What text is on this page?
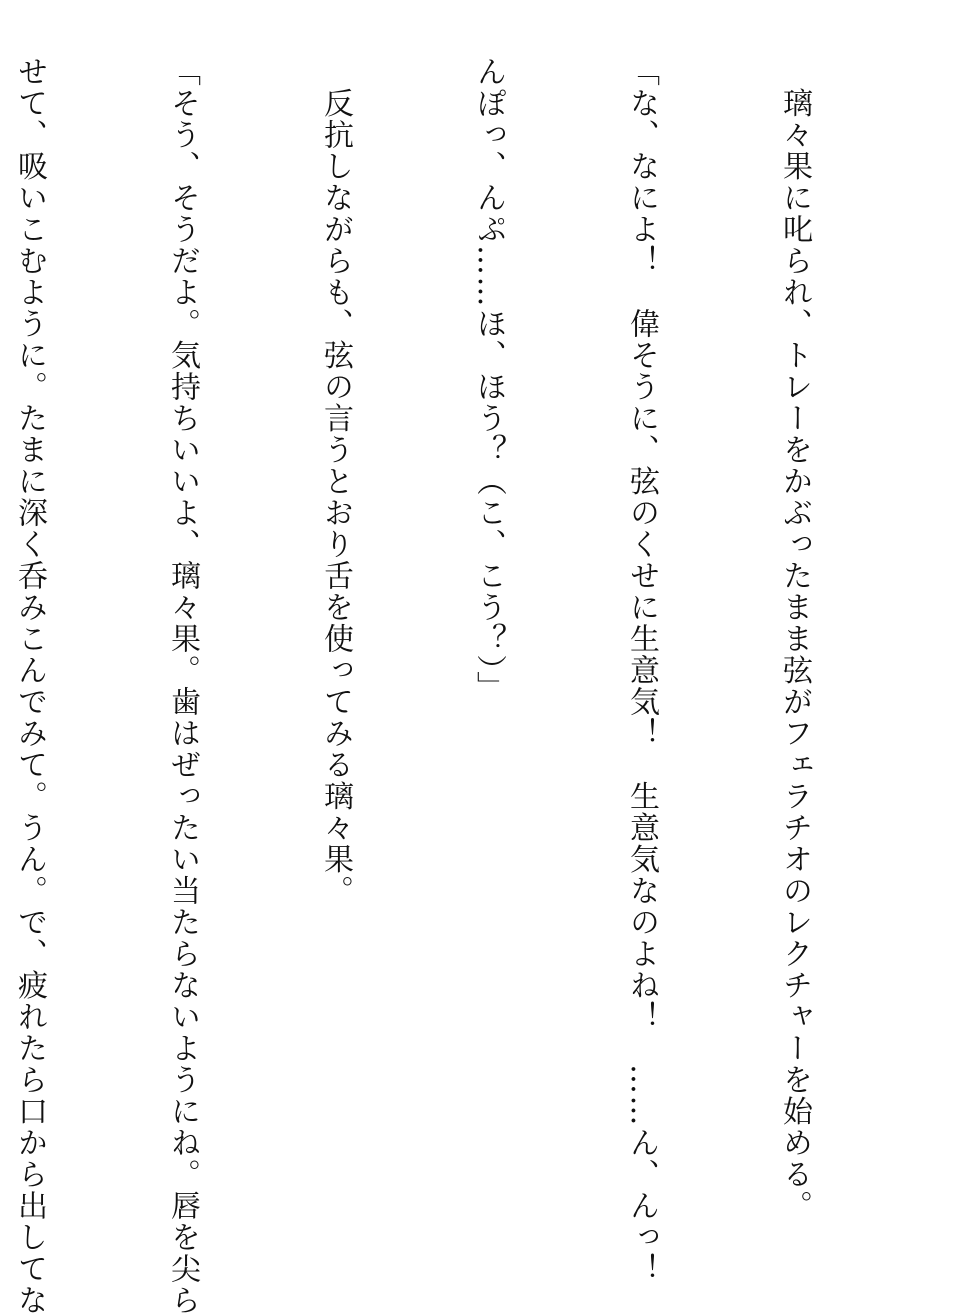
　璃々果に叱られ、トレーをかぶったまま弦がフェラチオのレクチャーを始める。

「な、なによ！　偉そうに、弦のくせに生意気！　生意気なのよね！　……ん、んっ！

んぽっ、んぷ……ほ、ほう？（こ、こう？）」

　反抗しながらも、弦の言うとおり舌を使ってみる璃々果。

「そう、そうだよ。気持ちいいよ、璃々果。歯はぜったい当たらないようにね。唇を尖ら

せて、吸いこむように。たまに深く呑みこんでみて。うん。で、疲れたら口から出してな
